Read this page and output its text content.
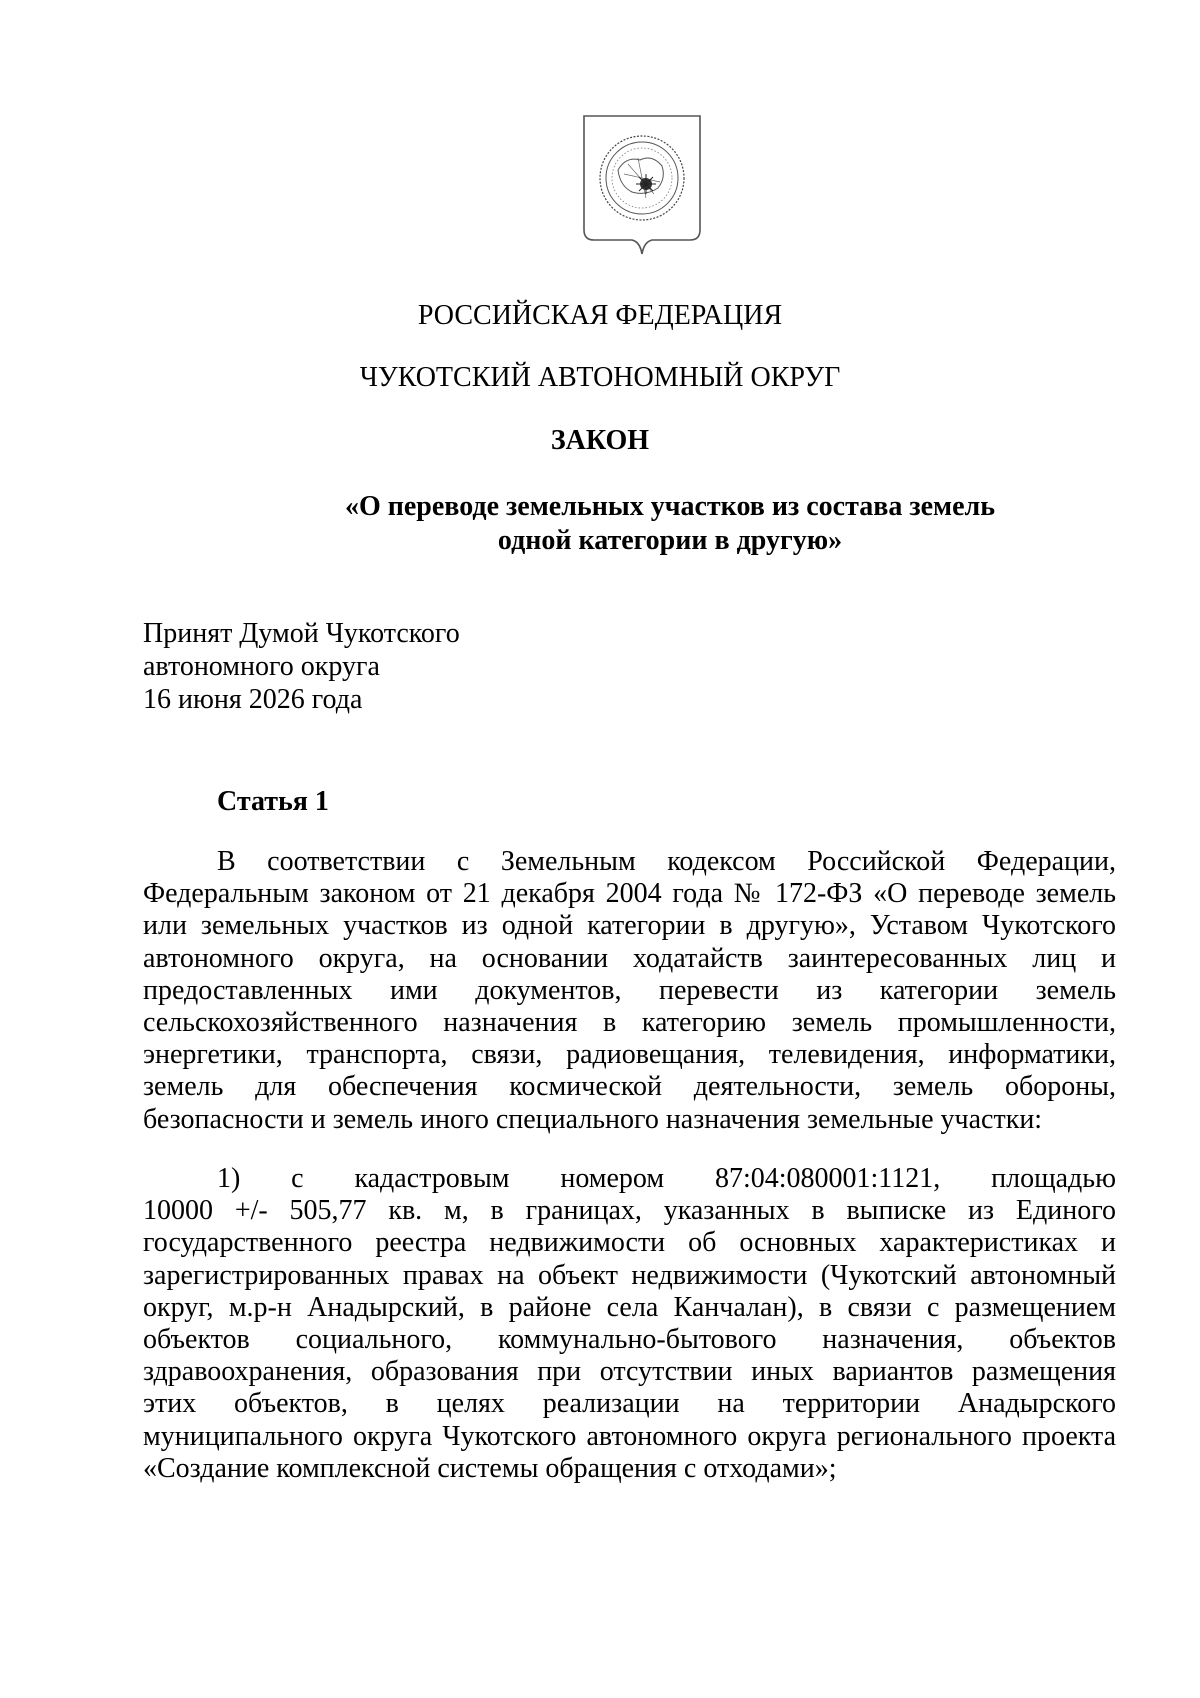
РОССИЙСКАЯ ФЕДЕРАЦИЯ
ЧУКОТСКИЙ АВТОНОМНЫЙ ОКРУГ
ЗАКОН
«О переводе земельных участков из состава земель
одной категории в другую»
Принят Думой Чукотского
автономного округа
16 июня 2026 года
Статья 1
В соответствии с Земельным кодексом Российской Федерации,
Федеральным законом от 21 декабря 2004 года № 172-ФЗ «О переводе земель
или земельных участков из одной категории в другую», Уставом Чукотского
автономного округа, на основании ходатайств заинтересованных лиц и
предоставленных ими документов, перевести из категории земель
сельскохозяйственного назначения в категорию земель промышленности,
энергетики, транспорта, связи, радиовещания, телевидения, информатики,
земель для обеспечения космической деятельности, земель обороны,
безопасности и земель иного специального назначения земельные участки:
1) с кадастровым номером 87:04:080001:1121, площадью
10000 +/- 505,77 кв. м, в границах, указанных в выписке из Единого
государственного реестра недвижимости об основных характеристиках и
зарегистрированных правах на объект недвижимости (Чукотский автономный
округ, м.р-н Анадырский, в районе села Канчалан), в связи с размещением
объектов социального, коммунально-бытового назначения, объектов
здравоохранения, образования при отсутствии иных вариантов размещения
этих объектов, в целях реализации на территории Анадырского
муниципального округа Чукотского автономного округа регионального проекта
«Создание комплексной системы обращения с отходами»;
